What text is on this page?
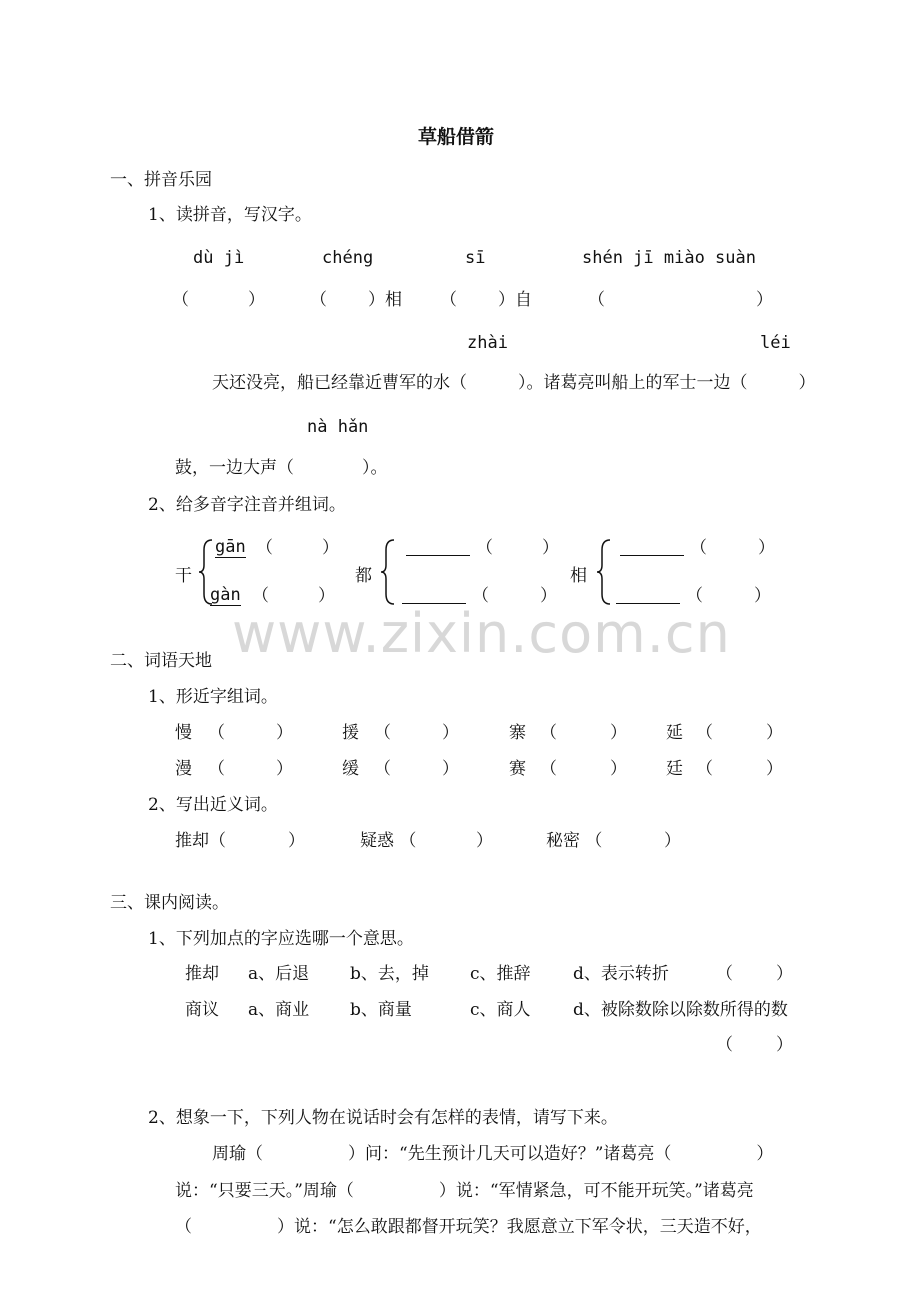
www.zixin.com.cn
草船借箭
一、拼音乐园
1、读拼音，写汉字。
dù jì	chéng	sī	shén jī miào suàn
（	）	（ ）相 （ ）自	（	）
zhài	léi
天还没亮，船已经靠近曹军的水（　　　）。诸葛亮叫船上的军士一边（　　　）
nà hǎn
鼓，一边大声（　　　　）。
2、给多音字注音并组词。
干
gān （	）
gàn （	）
都
（	）
（	）
相
（	）
（	）
二、词语天地
1、形近字组词。
慢 （	）	援 （	）	寨 （	） 延 （	）
漫 （	）	缓 （	）	赛 （	） 廷 （	）
2、写出近义词。
推却（	）	疑惑 （	）	秘密 （	）
三、课内阅读。
1、下列加点的字应选哪一个意思。
推却 a、后退 b、去，掉 c、推辞 d、表示转折	（	）
商议 a、商业 b、商量	c、商人 d、被除数除以除数所得的数
（	）
2、想象一下，下列人物在说话时会有怎样的表情，请写下来。
周瑜（　　　　　）问：“先生预计几天可以造好？”诸葛亮（　　　　　）
说：“只要三天。”周瑜（　　　　　）说：“军情紧急，可不能开玩笑。”诸葛亮
（　　　　　）说：“怎么敢跟都督开玩笑？我愿意立下军令状，三天造不好，
